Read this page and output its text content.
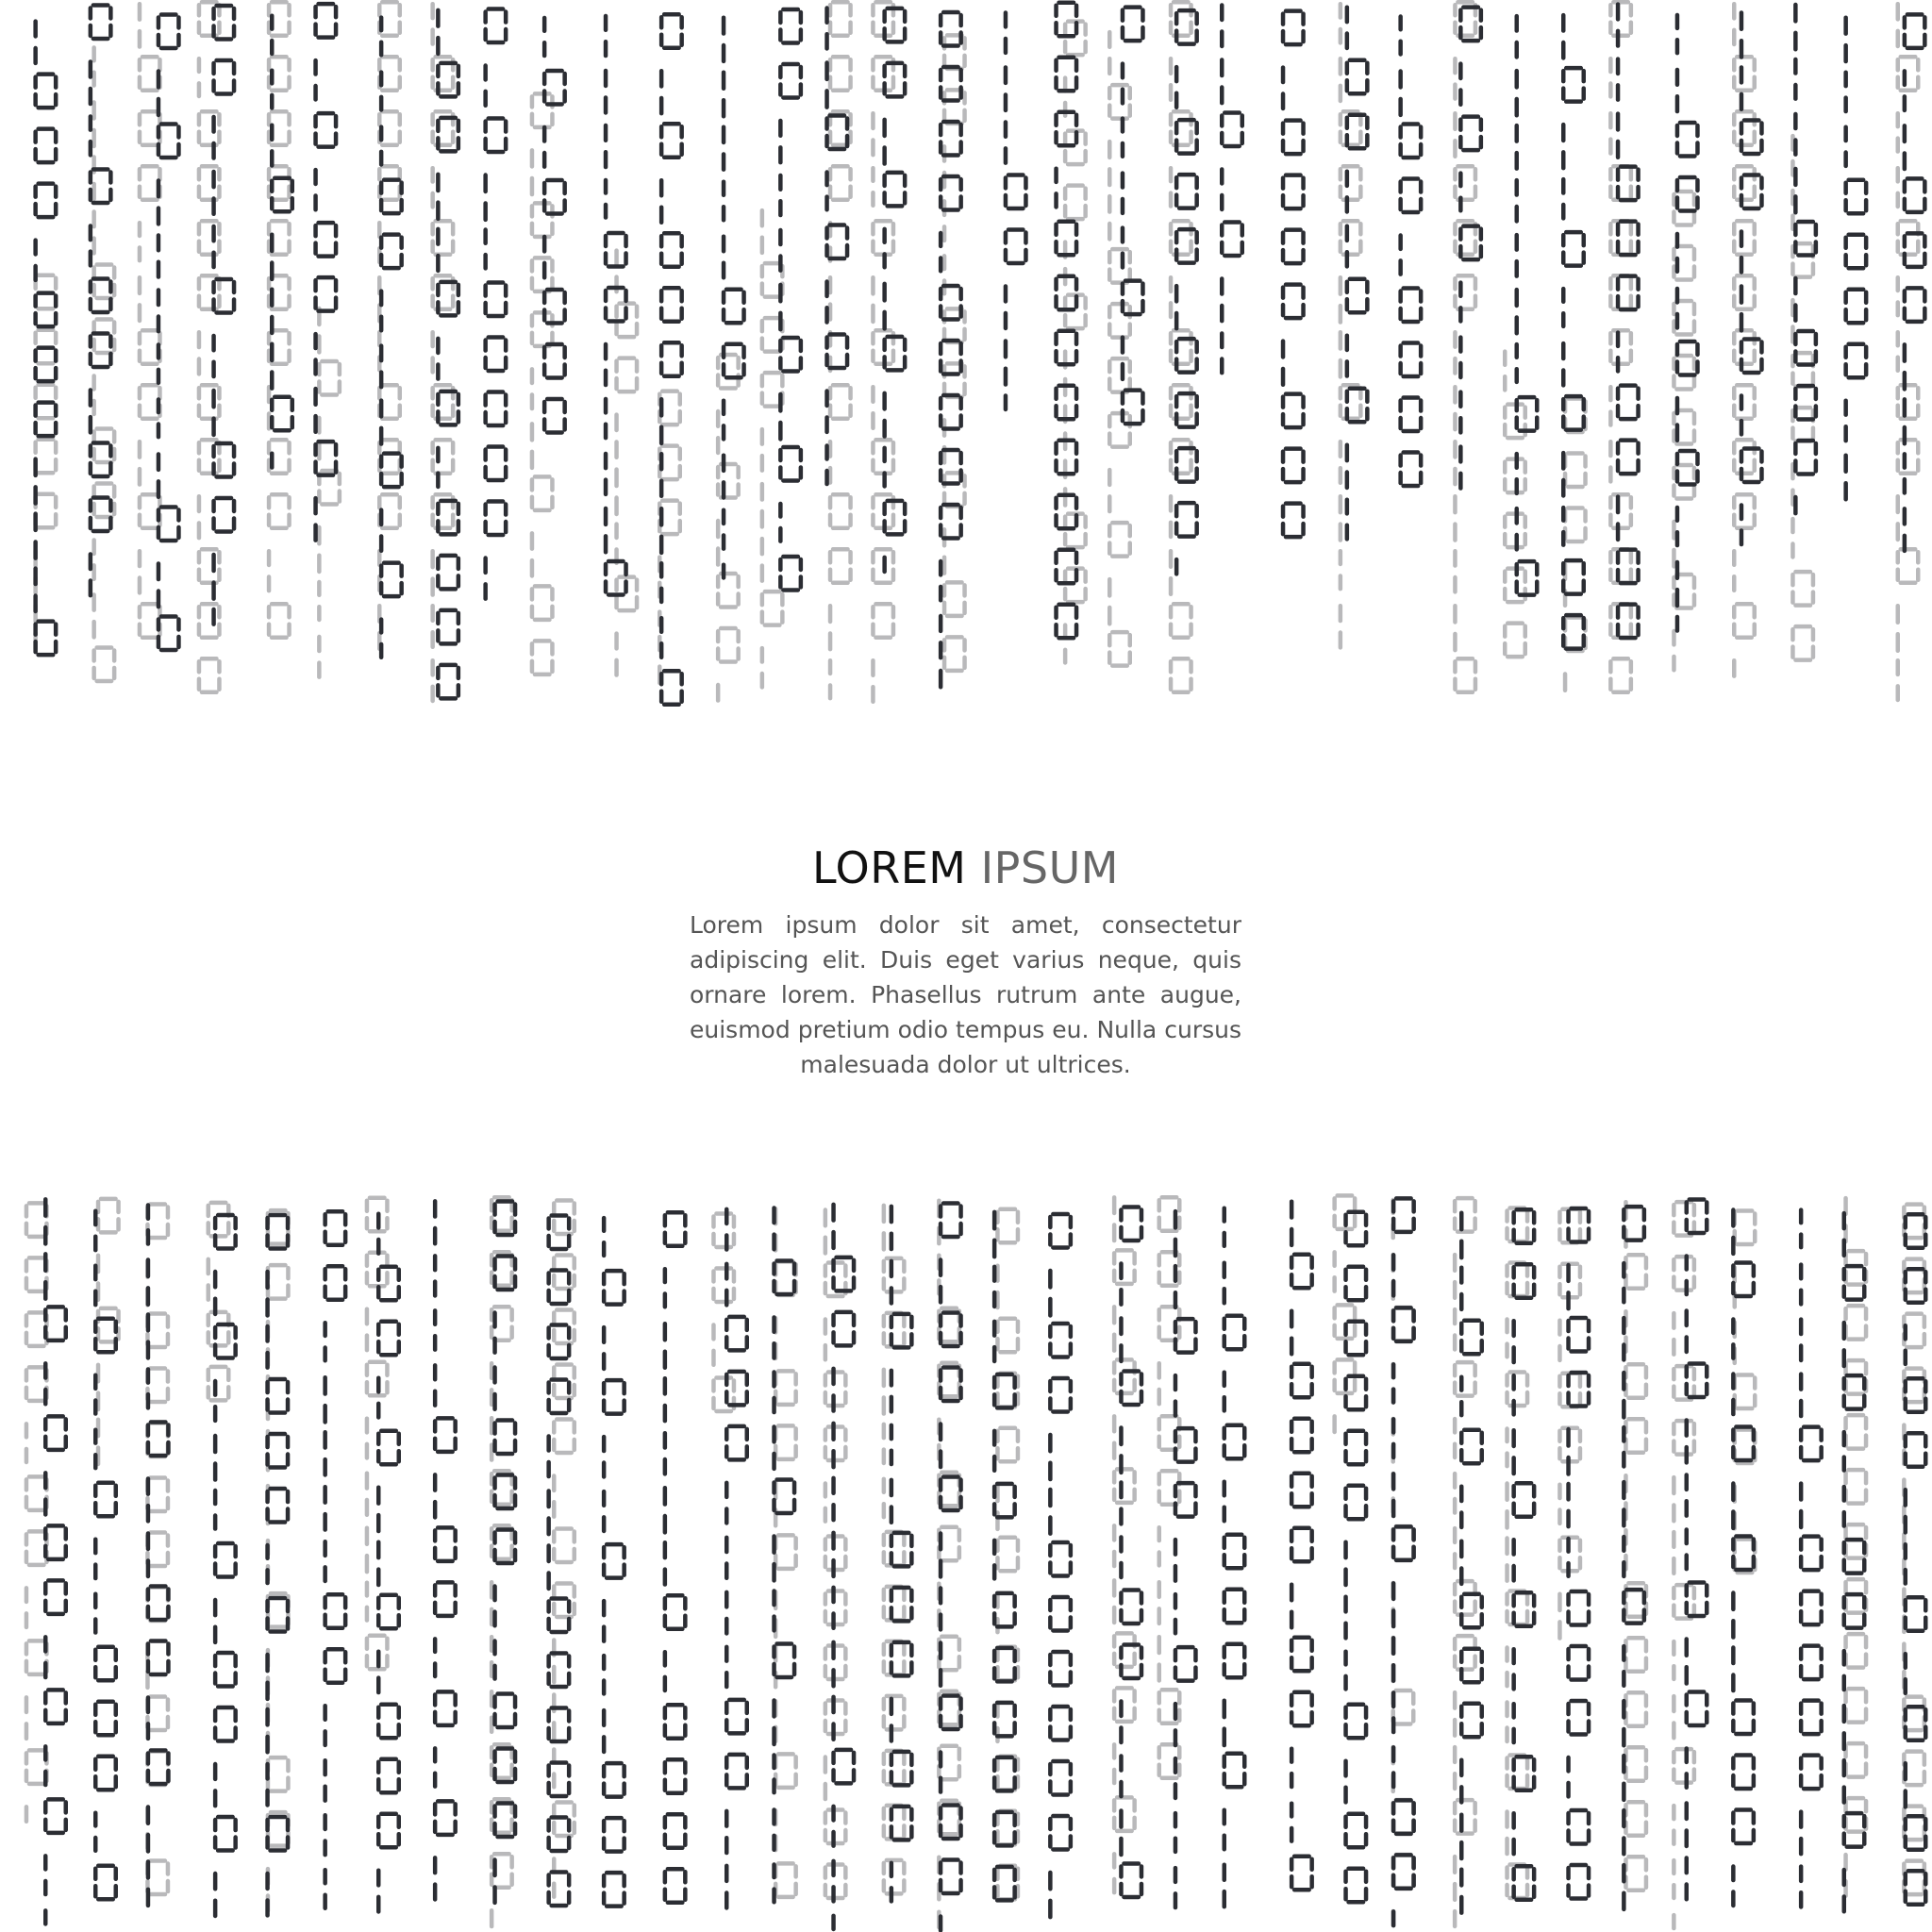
LOREM IPSUM

Lorem ipsum dolor sit amet, consectetur adipiscing elit. Duis eget varius neque, quis ornare lorem. Phasellus rutrum ante augue, euismod pretium odio tempus eu. Nulla cursus malesuada dolor ut ultrices.
